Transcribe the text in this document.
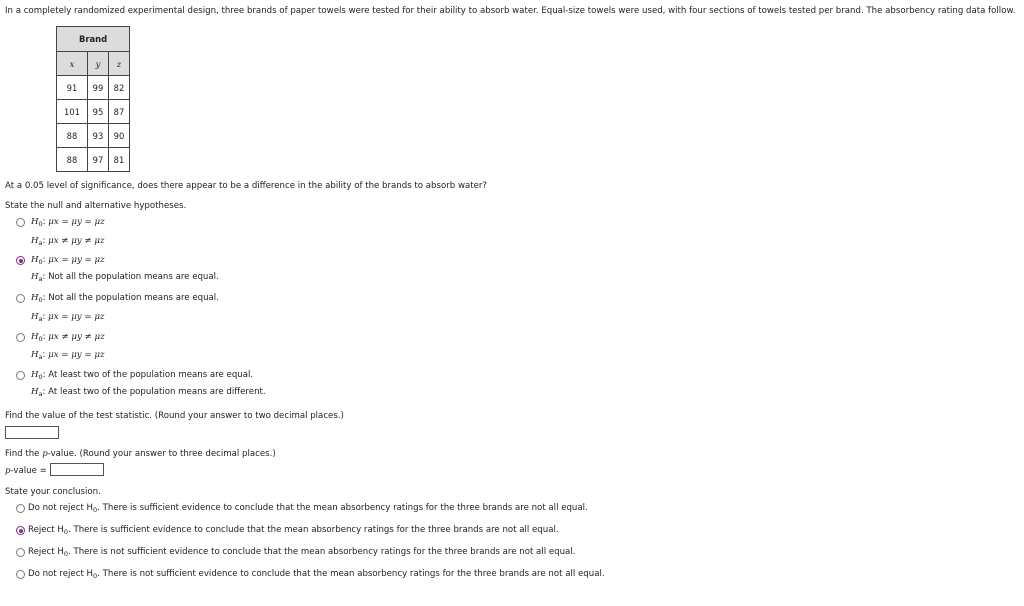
In a completely randomized experimental design, three brands of paper towels were tested for their ability to absorb water. Equal-size towels were used, with four sections of towels tested per brand. The absorbency rating data follow.
Brand		
x	y	z
91	99	82
101	95	87
88	93	90
88	97	81
At a 0.05 level of significance, does there appear to be a difference in the ability of the brands to absorb water?
State the null and alternative hypotheses.
$H_0$: μx = μy = μz
$H_a$: μx ≠ μy ≠ μz
$H_0$: μx = μy = μz
$H_a$: Not all the population means are equal.
$H_0$: Not all the population means are equal.
$H_a$: μx = μy = μz
$H_0$: μx ≠ μy ≠ μz
$H_a$: μx = μy = μz
$H_0$: At least two of the population means are equal.
$H_a$: At least two of the population means are different.
Find the value of the test statistic. (Round your answer to two decimal places.)
Find the p-value. (Round your answer to three decimal places.)
p-value =
State your conclusion.
Do not reject $H_0$. There is sufficient evidence to conclude that the mean absorbency ratings for the three brands are not all equal.
Reject $H_0$. There is sufficient evidence to conclude that the mean absorbency ratings for the three brands are not all equal.
Reject $H_0$. There is not sufficient evidence to conclude that the mean absorbency ratings for the three brands are not all equal.
Do not reject $H_0$. There is not sufficient evidence to conclude that the mean absorbency ratings for the three brands are not all equal.
